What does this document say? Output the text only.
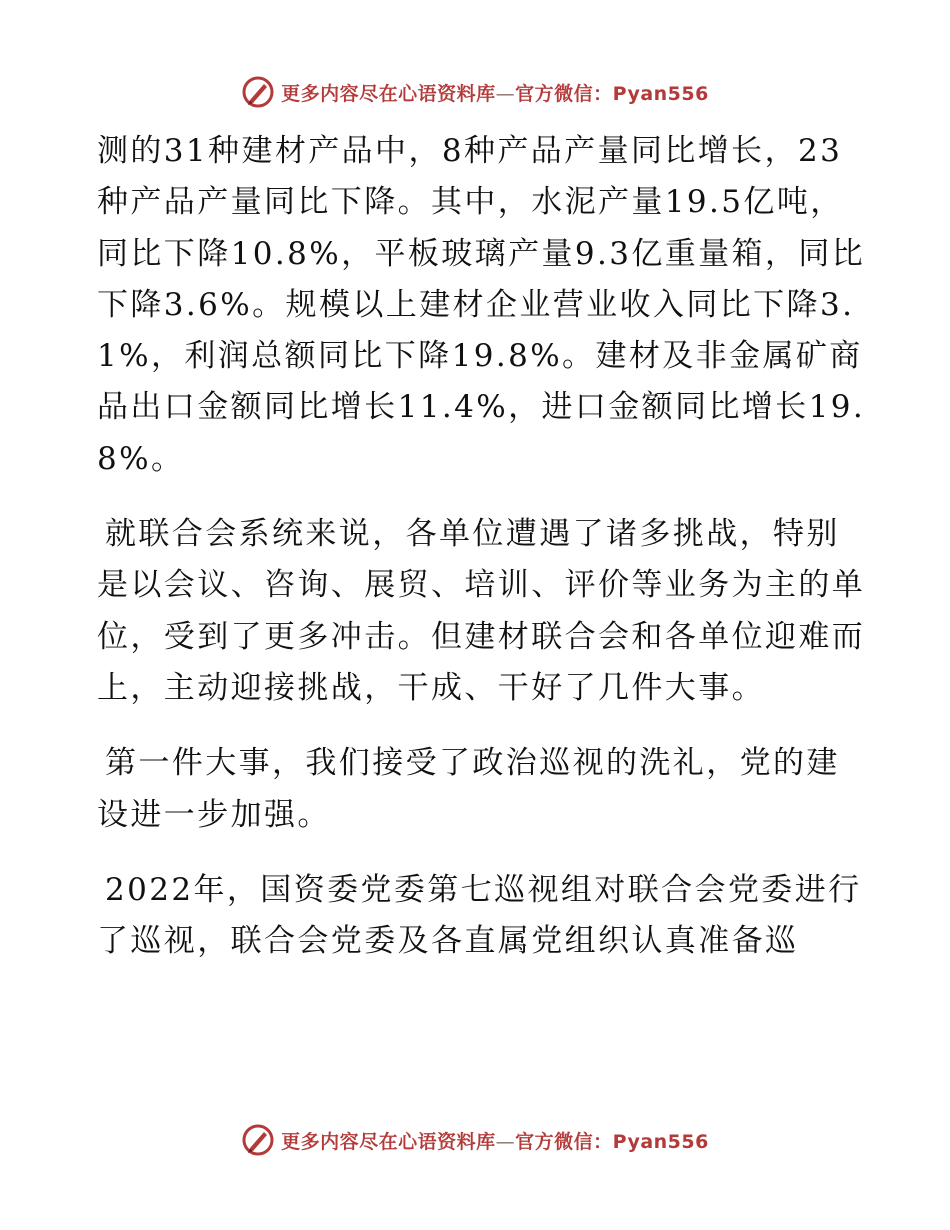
更多内容尽在心语资料库—官方微信：Pyan556

测的31种建材产品中，8种产品产量同比增长，23种产品产量同比下降。其中，水泥产量19.5亿吨，同比下降10.8%，平板玻璃产量9.3亿重量箱，同比下降3.6%。规模以上建材企业营业收入同比下降3.1%，利润总额同比下降19.8%。建材及非金属矿商品出口金额同比增长11.4%，进口金额同比增长19.8%。

就联合会系统来说，各单位遭遇了诸多挑战，特别是以会议、咨询、展贸、培训、评价等业务为主的单位，受到了更多冲击。但建材联合会和各单位迎难而上，主动迎接挑战，干成、干好了几件大事。

第一件大事，我们接受了政治巡视的洗礼，党的建设进一步加强。

2022年，国资委党委第七巡视组对联合会党委进行了巡视，联合会党委及各直属党组织认真准备巡

更多内容尽在心语资料库—官方微信：Pyan556
